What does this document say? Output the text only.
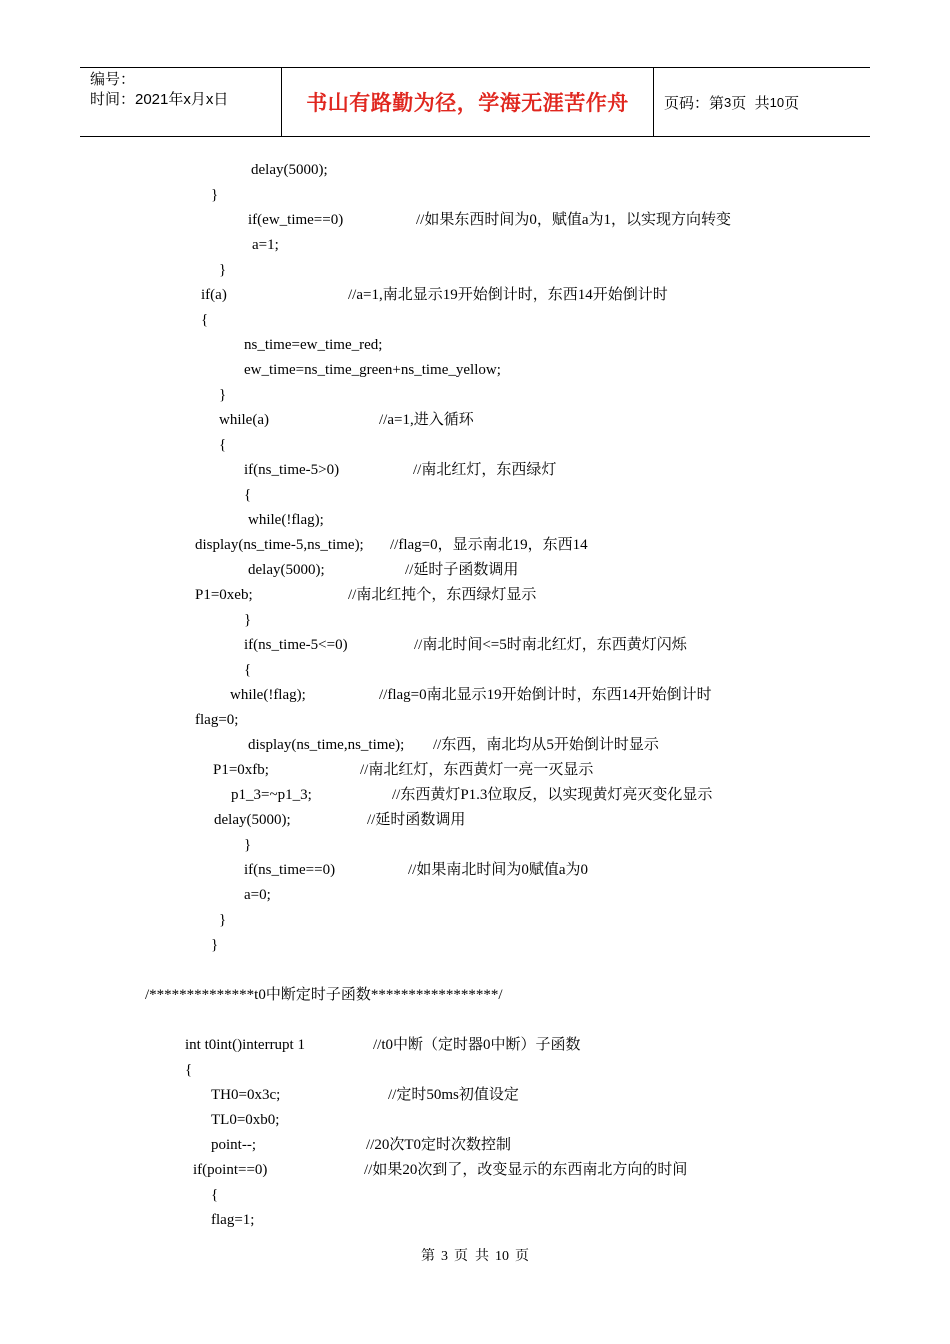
编号：
时间：2021年x月x日	书山有路勤为径，学海无涯苦作舟	页码：第 3 页  共 10 页
delay(5000);
}
if(ew_time==0)	//如果东西时间为0，赋值a为1，以实现方向转变
a=1;
}
if(a)	//a=1,南北显示19开始倒计时，东西14开始倒计时
{
ns_time=ew_time_red;
ew_time=ns_time_green+ns_time_yellow;
}
while(a)	//a=1,进入循环
{
if(ns_time-5>0)	//南北红灯，东西绿灯
{
while(!flag);
display(ns_time-5,ns_time); //flag=0，显示南北19，东西14
delay(5000);	//延时子函数调用
P1=0xeb;	//南北红扽个，东西绿灯显示
}
if(ns_time-5<=0)	//南北时间<=5时南北红灯，东西黄灯闪烁
{
while(!flag);	//flag=0南北显示19开始倒计时，东西14开始倒计时
flag=0;
display(ns_time,ns_time); //东西，南北均从5开始倒计时显示
P1=0xfb;	//南北红灯，东西黄灯一亮一灭显示
p1_3=~p1_3;	//东西黄灯P1.3位取反，以实现黄灯亮灭变化显示
delay(5000);	//延时函数调用
}
if(ns_time==0)	//如果南北时间为0赋值a为0
a=0;
}
}
/**************t0中断定时子函数*****************/
int t0int()interrupt 1	//t0中断（定时器0中断）子函数
{
TH0=0x3c;	//定时50ms初值设定
TL0=0xb0;
point--;	//20次T0定时次数控制
if(point==0)	//如果20次到了，改变显示的东西南北方向的时间
{
flag=1;
第 3 页  共 10 页
